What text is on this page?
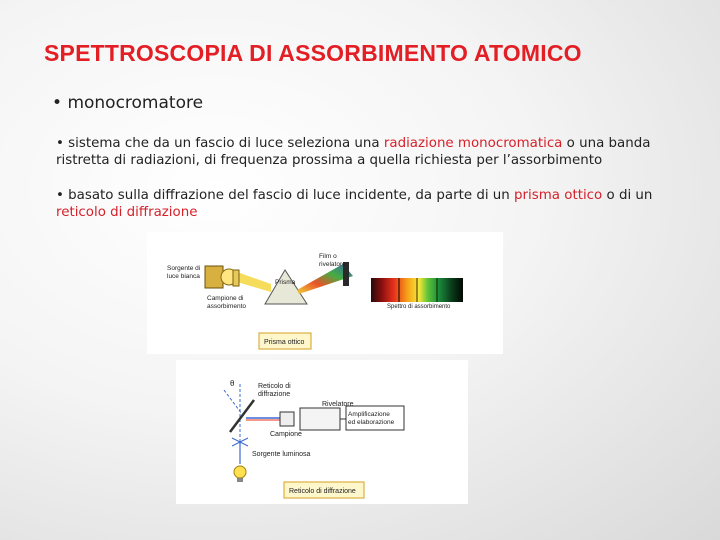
SPETTROSCOPIA DI ASSORBIMENTO ATOMICO
• monocromatore
• sistema che da un fascio di luce seleziona una radiazione monocromatica o una banda ristretta di radiazioni, di frequenza prossima a quella richiesta per l’assorbimento
• basato sulla diffrazione del fascio di luce incidente, da parte di un prisma ottico o di un reticolo di diffrazione
Sorgente di luce bianca
Campione di assorbimento
Prisma
Film o rivelatore
Spettro di assorbimento
Prisma ottico
θ	Reticolo di diffrazione
Rivelatore
Amplificazione ed elaborazione
Campione
Sorgente luminosa
Reticolo di diffrazione
